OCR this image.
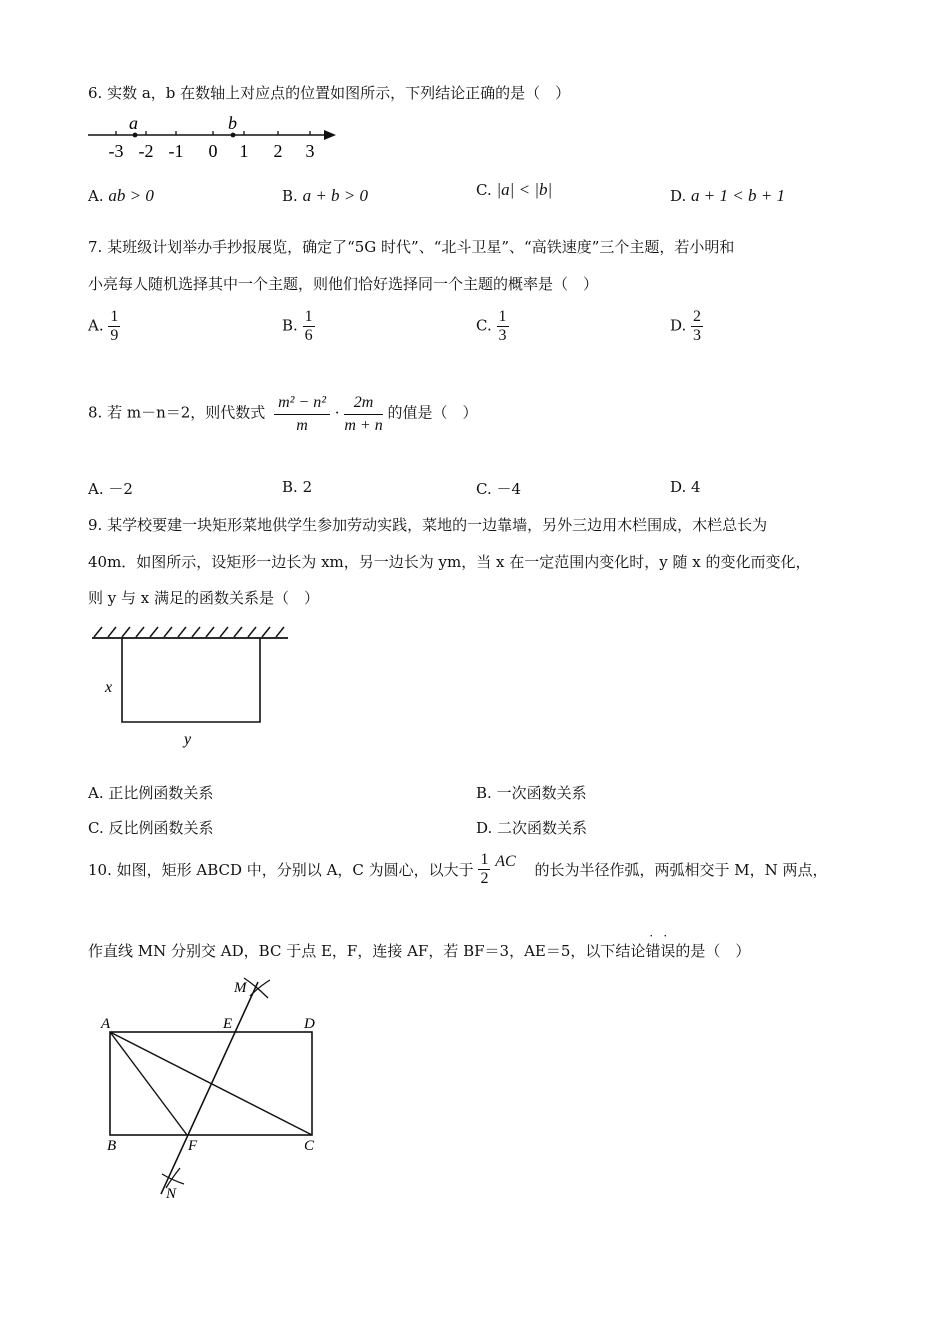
6. 实数 a，b 在数轴上对应点的位置如图所示，下列结论正确的是（　）
a	b
-3 -2 -1 0 1 2 3
A. ab > 0	B. a + b > 0	C. |a| < |b|	D. a + 1 < b + 1
7. 某班级计划举办手抄报展览，确定了“5G 时代”、“北斗卫星”、“高铁速度”三个主题，若小明和
小亮每人随机选择其中一个主题，则他们恰好选择同一个主题的概率是（　）
A. $\frac{1}{9}$	B. $\frac{1}{6}$	C. $\frac{1}{3}$	D. $\frac{2}{3}$
8. 若 m－n＝2，则代数式 $\frac{\text{m² − n²}}{m} \cdot \frac{2m}{m + n}$ 的值是（　）
A. －2	B. 2	C. －4	D. 4
9. 某学校要建一块矩形菜地供学生参加劳动实践，菜地的一边靠墙，另外三边用木栏围成，木栏总长为
40m．如图所示，设矩形一边长为 xm，另一边长为 ym，当 x 在一定范围内变化时，y 随 x 的变化而变化，
则 y 与 x 满足的函数关系是（　）
x
y
A. 正比例函数关系	B. 一次函数关系
C. 反比例函数关系	D. 二次函数关系
10. 如图，矩形 ABCD 中，分别以 A，C 为圆心，以大于 $\frac{1}{2}$ AC 的长为半径作弧，两弧相交于 M，N 两点，
作直线 MN 分别交 AD，BC 于点 E，F，连接 AF，若 BF＝3，AE＝5，以下结论
· ·
错误的是（　）
A	E	D
B	F	C
M
N
